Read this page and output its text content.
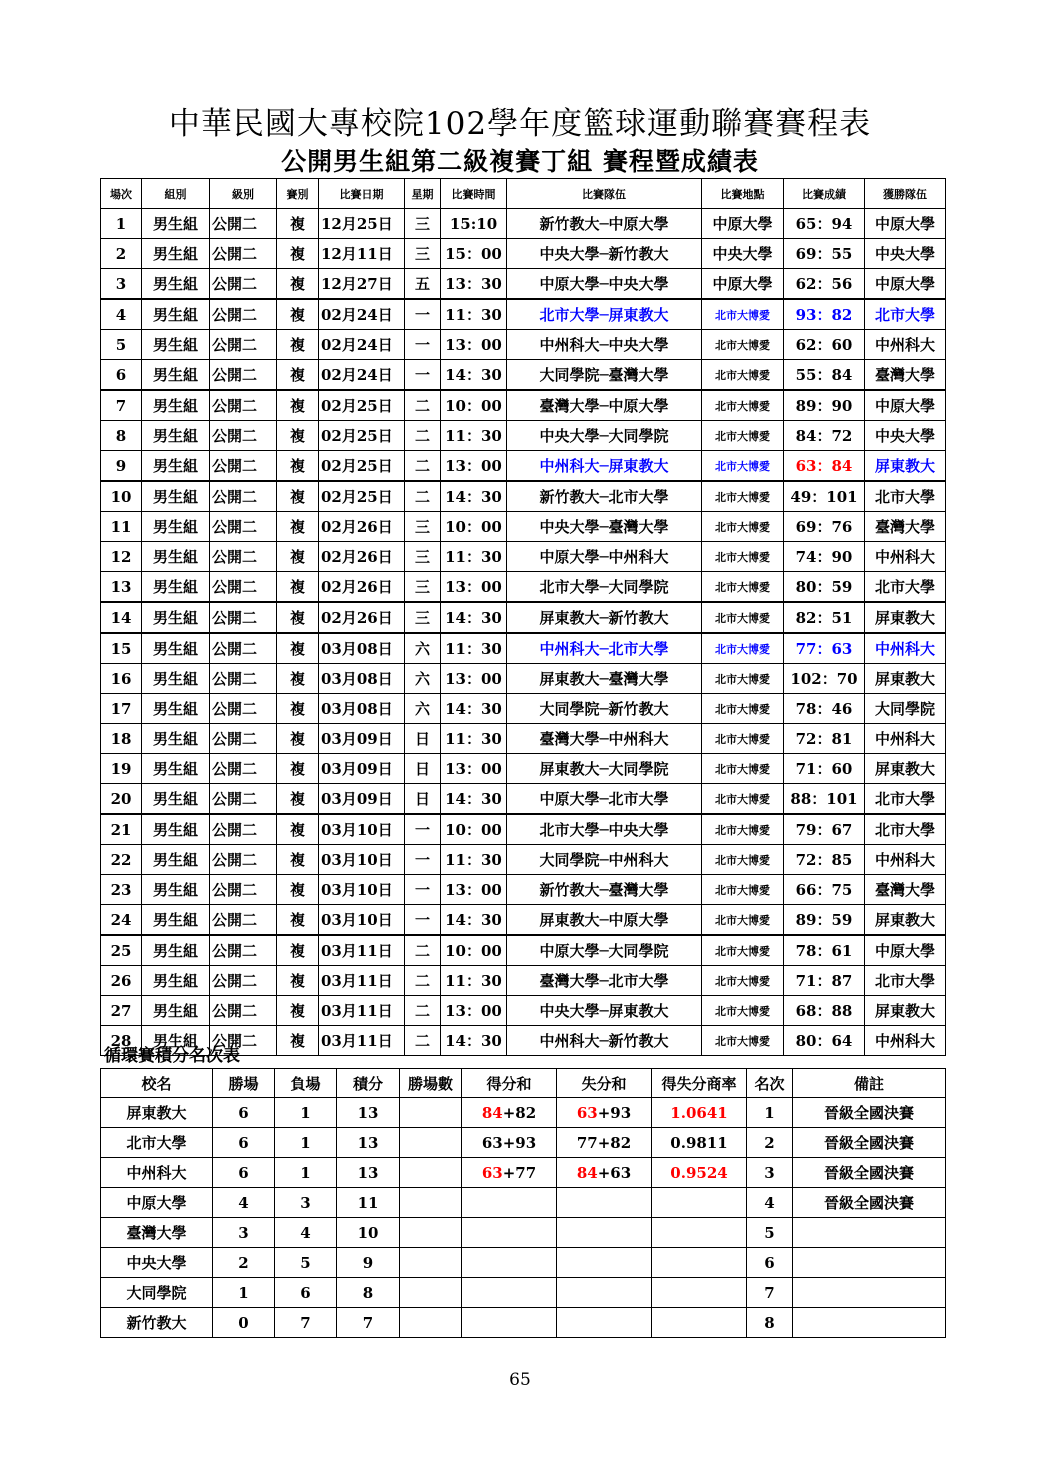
中華民國大專校院102學年度籃球運動聯賽賽程表
公開男生組第二級複賽丁組 賽程暨成績表
場次	組別	級別	賽別	比賽日期	星期	比賽時間	比賽隊伍	比賽地點	比賽成績	獲勝隊伍
1	男生組	公開二	複	12月25日	三	15:10	新竹教大─中原大學	中原大學	65：94	中原大學
2	男生組	公開二	複	12月11日	三	15：00	中央大學─新竹教大	中央大學	69：55	中央大學
3	男生組	公開二	複	12月27日	五	13：30	中原大學─中央大學	中原大學	62：56	中原大學
4	男生組	公開二	複	02月24日	一	11：30	北市大學─屏東教大	北市大博愛	93：82	北市大學
5	男生組	公開二	複	02月24日	一	13：00	中州科大─中央大學	北市大博愛	62：60	中州科大
6	男生組	公開二	複	02月24日	一	14：30	大同學院─臺灣大學	北市大博愛	55：84	臺灣大學
7	男生組	公開二	複	02月25日	二	10：00	臺灣大學─中原大學	北市大博愛	89：90	中原大學
8	男生組	公開二	複	02月25日	二	11：30	中央大學─大同學院	北市大博愛	84：72	中央大學
9	男生組	公開二	複	02月25日	二	13：00	中州科大─屏東教大	北市大博愛	63：84	屏東教大
10	男生組	公開二	複	02月25日	二	14：30	新竹教大─北市大學	北市大博愛	49：101	北市大學
11	男生組	公開二	複	02月26日	三	10：00	中央大學─臺灣大學	北市大博愛	69：76	臺灣大學
12	男生組	公開二	複	02月26日	三	11：30	中原大學─中州科大	北市大博愛	74：90	中州科大
13	男生組	公開二	複	02月26日	三	13：00	北市大學─大同學院	北市大博愛	80：59	北市大學
14	男生組	公開二	複	02月26日	三	14：30	屏東教大─新竹教大	北市大博愛	82：51	屏東教大
15	男生組	公開二	複	03月08日	六	11：30	中州科大─北市大學	北市大博愛	77：63	中州科大
16	男生組	公開二	複	03月08日	六	13：00	屏東教大─臺灣大學	北市大博愛	102：70	屏東教大
17	男生組	公開二	複	03月08日	六	14：30	大同學院─新竹教大	北市大博愛	78：46	大同學院
18	男生組	公開二	複	03月09日	日	11：30	臺灣大學─中州科大	北市大博愛	72：81	中州科大
19	男生組	公開二	複	03月09日	日	13：00	屏東教大─大同學院	北市大博愛	71：60	屏東教大
20	男生組	公開二	複	03月09日	日	14：30	中原大學─北市大學	北市大博愛	88：101	北市大學
21	男生組	公開二	複	03月10日	一	10：00	北市大學─中央大學	北市大博愛	79：67	北市大學
22	男生組	公開二	複	03月10日	一	11：30	大同學院─中州科大	北市大博愛	72：85	中州科大
23	男生組	公開二	複	03月10日	一	13：00	新竹教大─臺灣大學	北市大博愛	66：75	臺灣大學
24	男生組	公開二	複	03月10日	一	14：30	屏東教大─中原大學	北市大博愛	89：59	屏東教大
25	男生組	公開二	複	03月11日	二	10：00	中原大學─大同學院	北市大博愛	78：61	中原大學
26	男生組	公開二	複	03月11日	二	11：30	臺灣大學─北市大學	北市大博愛	71：87	北市大學
27	男生組	公開二	複	03月11日	二	13：00	中央大學─屏東教大	北市大博愛	68：88	屏東教大
28	男生組	公開二	複	03月11日	二	14：30	中州科大─新竹教大	北市大博愛	80：64	中州科大
循環賽積分名次表
校名	勝場	負場	積分	勝場數	得分和	失分和	得失分商率	名次	備註
屏東教大	6	1	13		84+82	63+93	1.0641	1	晉級全國決賽
北市大學	6	1	13		63+93	77+82	0.9811	2	晉級全國決賽
中州科大	6	1	13		63+77	84+63	0.9524	3	晉級全國決賽
中原大學	4	3	11					4	晉級全國決賽
臺灣大學	3	4	10					5	
中央大學	2	5	9					6	
大同學院	1	6	8					7	
新竹教大	0	7	7					8	
65
